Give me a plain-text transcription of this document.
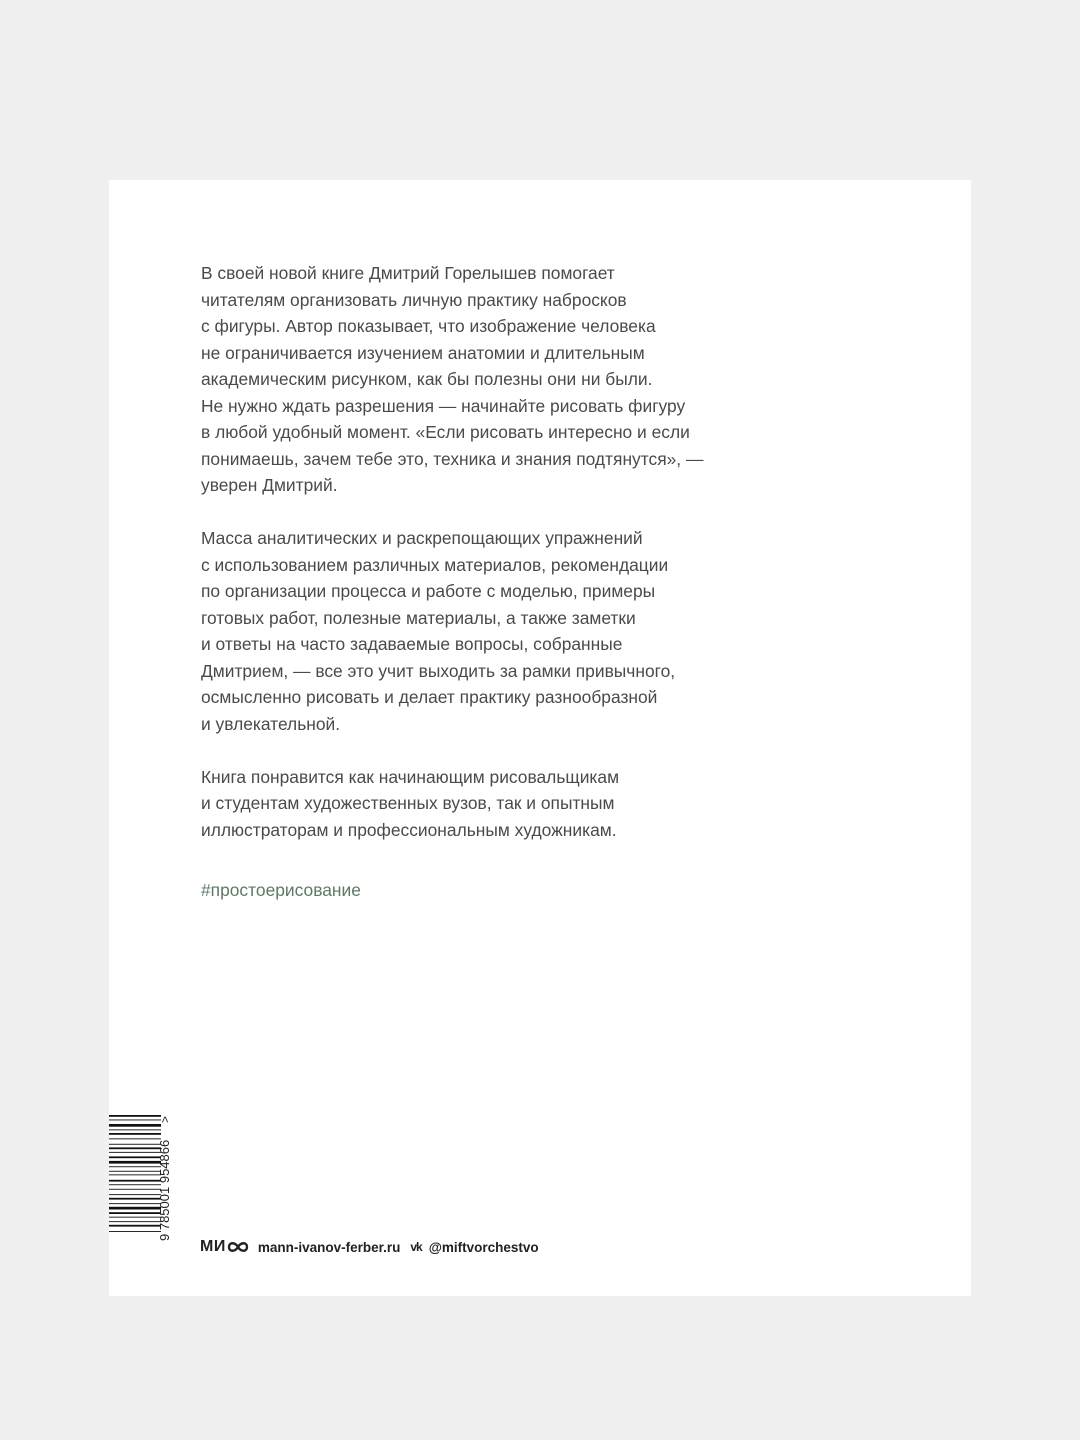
В своей новой книге Дмитрий Горелышев помогает
читателям организовать личную практику набросков
с фигуры. Автор показывает, что изображение человека
не ограничивается изучением анатомии и длительным
академическим рисунком, как бы полезны они ни были.
Не нужно ждать разрешения — начинайте рисовать фигуру
в любой удобный момент. «Если рисовать интересно и если
понимаешь, зачем тебе это, техника и знания подтянутся», —
уверен Дмитрий.

Масса аналитических и раскрепощающих упражнений
с использованием различных материалов, рекомендации
по организации процесса и работе с моделью, примеры
готовых работ, полезные материалы, а также заметки
и ответы на часто задаваемые вопросы, собранные
Дмитрием, — все это учит выходить за рамки привычного,
осмысленно рисовать и делает практику разнообразной
и увлекательной.

Книга понравится как начинающим рисовальщикам
и студентам художественных вузов, так и опытным
иллюстраторам и профессиональным художникам.

#простоерисование
9 785001 954866
>
МИ mann-ivanov-ferber.ru vk @miftvorchestvo
